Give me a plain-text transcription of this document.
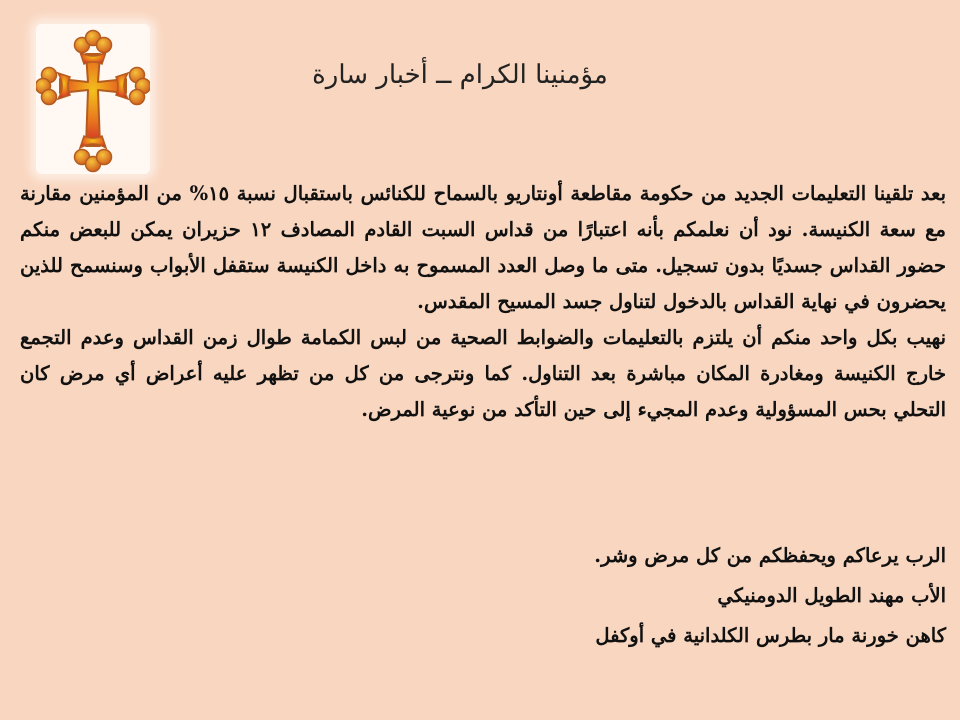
مؤمنينا الكرام ــ أخبار سارة

بعد تلقينا التعليمات الجديد من حكومة مقاطعة أونتاريو بالسماح للكنائس باستقبال نسبة ١٥% من المؤمنين مقارنة مع سعة الكنيسة. نود أن نعلمكم بأنه اعتبارًا من قداس السبت القادم المصادف ١٢ حزيران يمكن للبعض منكم حضور القداس جسديًا بدون تسجيل. متى ما وصل العدد المسموح به داخل الكنيسة ستقفل الأبواب وسنسمح للذين يحضرون في نهاية القداس بالدخول لتناول جسد المسيح المقدس.

نهيب بكل واحد منكم أن يلتزم بالتعليمات والضوابط الصحية من لبس الكمامة طوال زمن القداس وعدم التجمع خارج الكنيسة ومغادرة المكان مباشرة بعد التناول. كما ونترجى من كل من تظهر عليه أعراض أي مرض كان التحلي بحس المسؤولية وعدم المجيء إلى حين التأكد من نوعية المرض.

الرب يرعاكم ويحفظكم من كل مرض وشر.
الأب مهند الطويل الدومنيكي
كاهن خورنة مار بطرس الكلدانية في أوكفل
